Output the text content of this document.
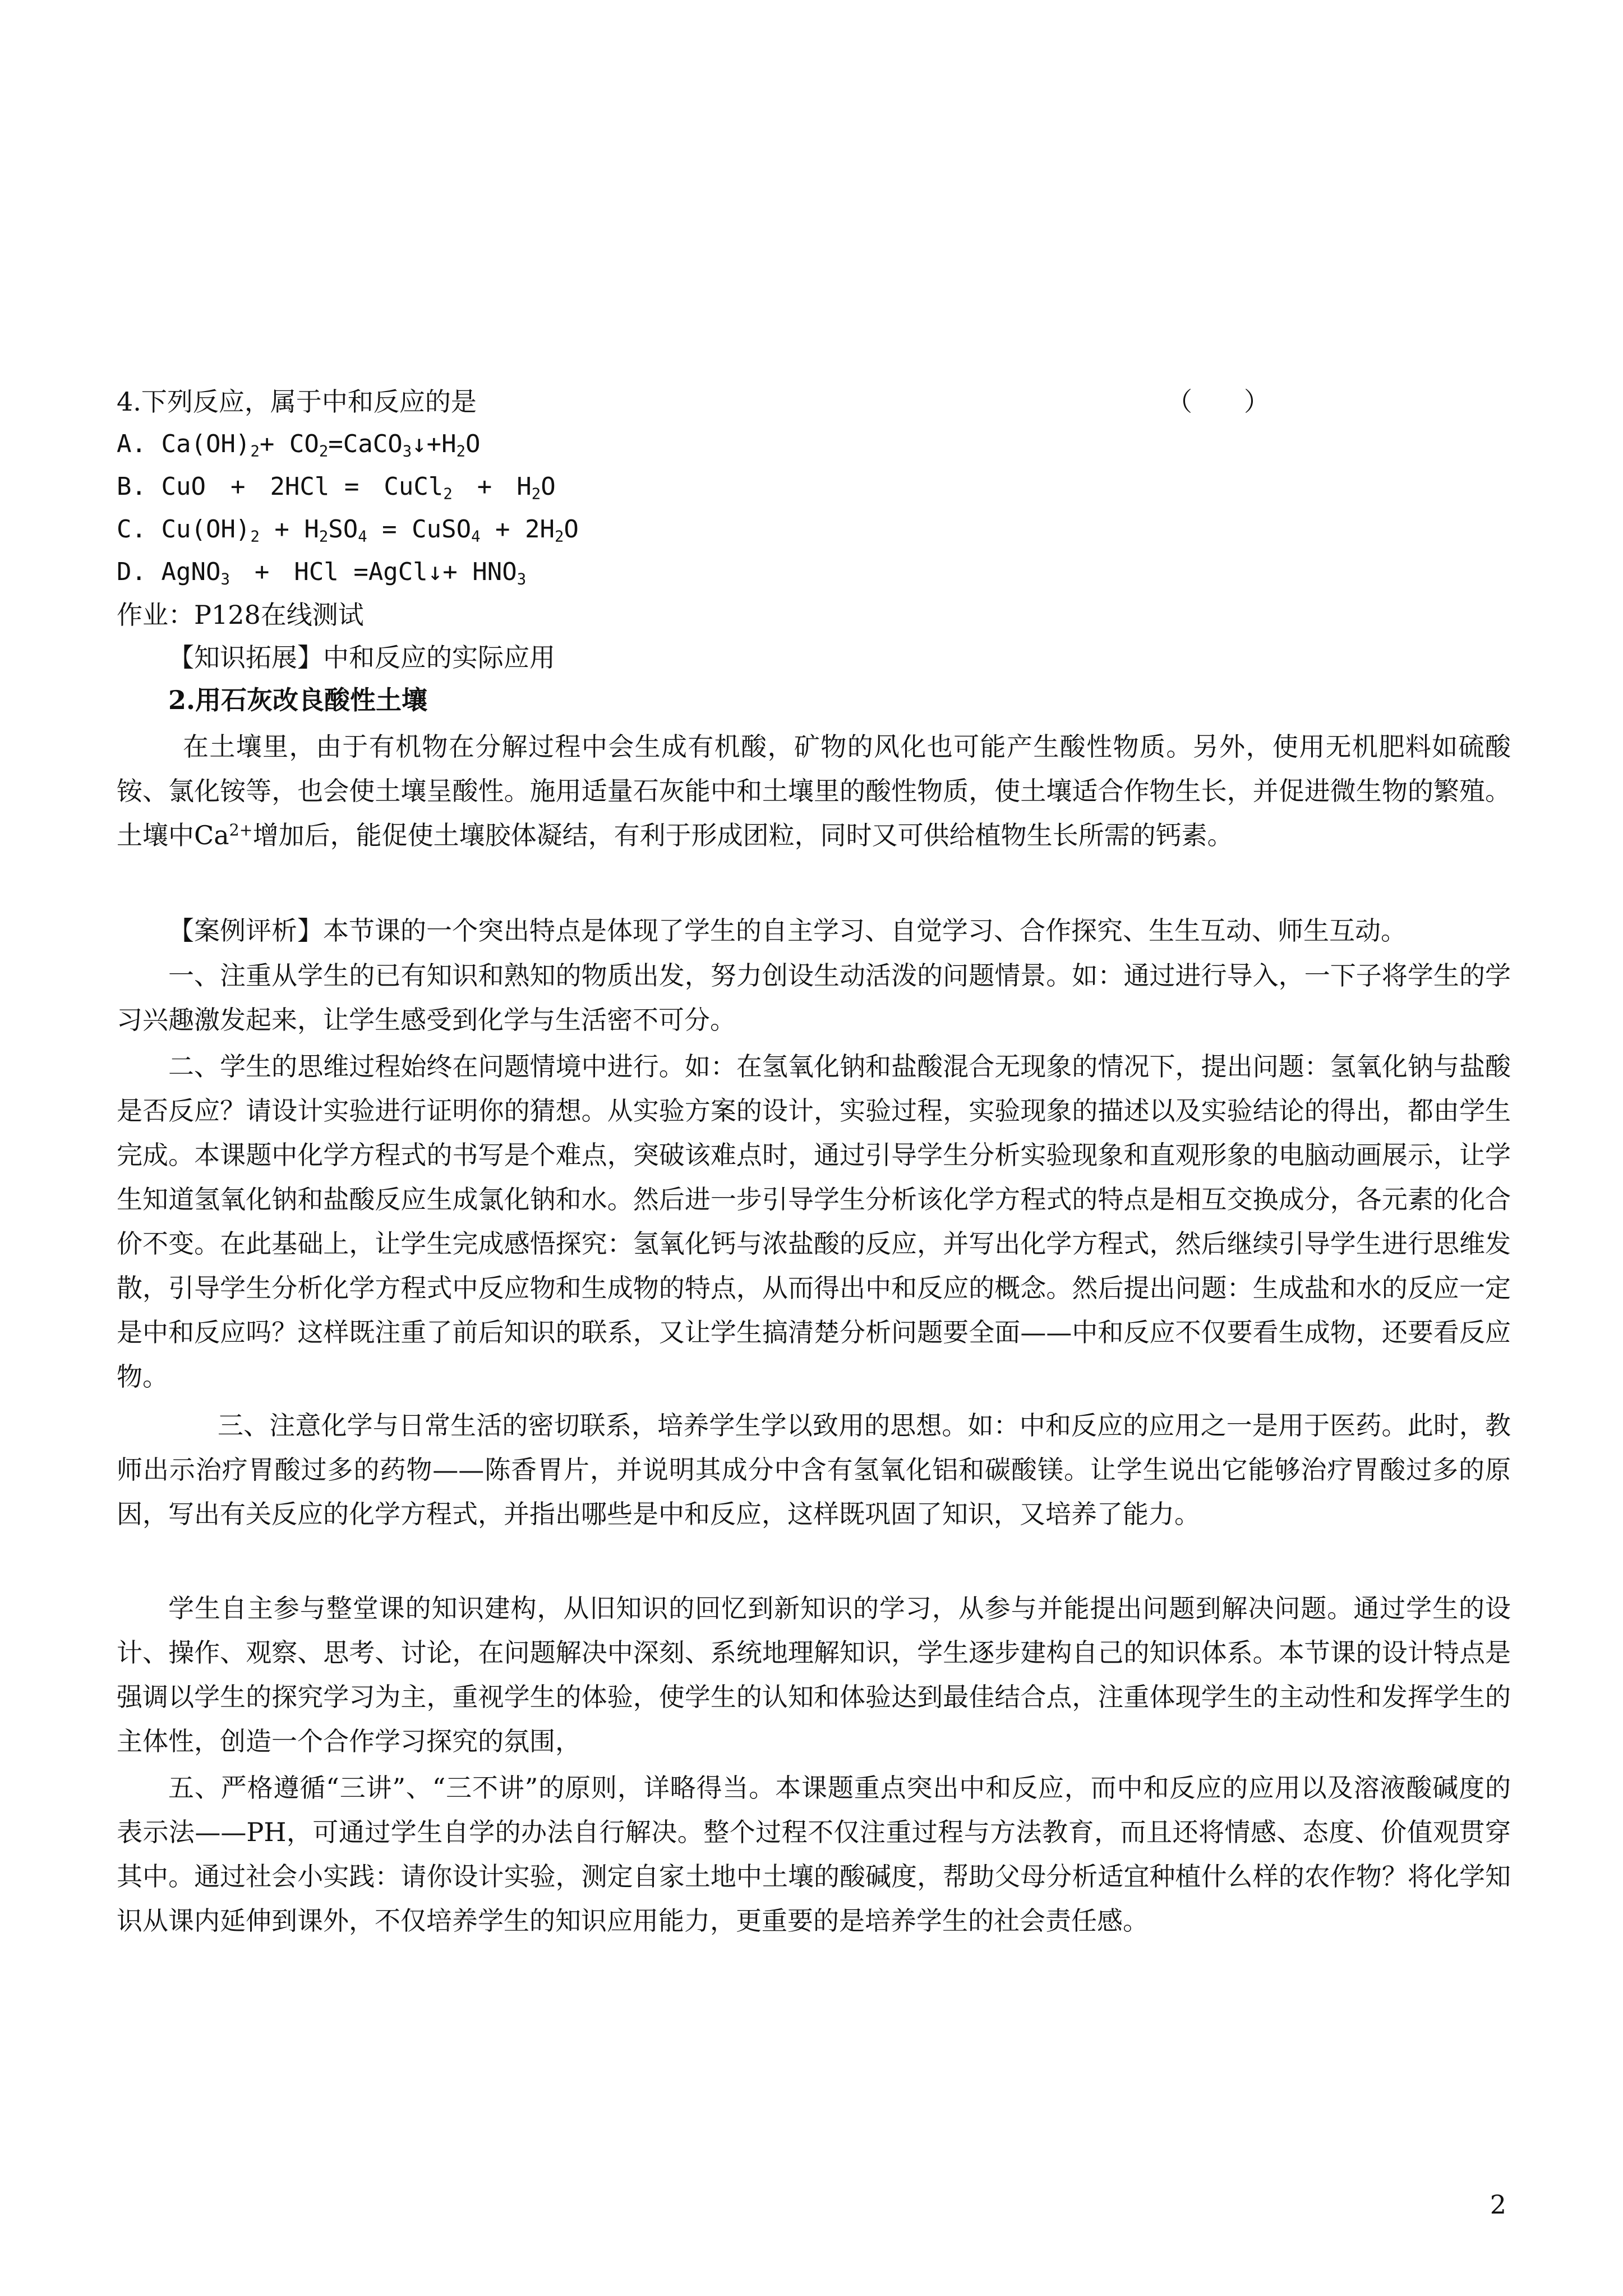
4.下列反应，属于中和反应的是	（　　）
A. $Ca(OH)_2+$ $CO_2=CaCO_3↓+H_2O$
B. CuO　+　2HCl =　CuCl$_2$　+　$H_2O$
C. $Cu(OH)_2 + H_2SO_4$ = CuSO$_4$ + $2H_2O$
D. AgNO$_3$　+　HCl =AgCl↓+ $HNO_3$
作业：P128在线测试
【知识拓展】中和反应的实际应用
2.用石灰改良酸性土壤
在土壤里，由于有机物在分解过程中会生成有机酸，矿物的风化也可能产生酸性物质。另外，使用无机肥料如硫酸铵、氯化铵等，也会使土壤呈酸性。施用适量石灰能中和土壤里的酸性物质，使土壤适合作物生长，并促进微生物的繁殖。土壤中$Ca^{2+}$增加后，能促使土壤胶体凝结，有利于形成团粒，同时又可供给植物生长所需的钙素。
【案例评析】本节课的一个突出特点是体现了学生的自主学习、自觉学习、合作探究、生生互动、师生互动。
一、注重从学生的已有知识和熟知的物质出发，努力创设生动活泼的问题情景。如：通过进行导入，一下子将学生的学习兴趣激发起来，让学生感受到化学与生活密不可分。
二、学生的思维过程始终在问题情境中进行。如：在氢氧化钠和盐酸混合无现象的情况下，提出问题：氢氧化钠与盐酸是否反应？请设计实验进行证明你的猜想。从实验方案的设计，实验过程，实验现象的描述以及实验结论的得出，都由学生完成。本课题中化学方程式的书写是个难点，突破该难点时，通过引导学生分析实验现象和直观形象的电脑动画展示，让学生知道氢氧化钠和盐酸反应生成氯化钠和水。然后进一步引导学生分析该化学方程式的特点是相互交换成分，各元素的化合价不变。在此基础上，让学生完成感悟探究：氢氧化钙与浓盐酸的反应，并写出化学方程式，然后继续引导学生进行思维发散，引导学生分析化学方程式中反应物和生成物的特点，从而得出中和反应的概念。然后提出问题：生成盐和水的反应一定是中和反应吗？这样既注重了前后知识的联系，又让学生搞清楚分析问题要全面——中和反应不仅要看生成物，还要看反应物。
三、注意化学与日常生活的密切联系，培养学生学以致用的思想。如：中和反应的应用之一是用于医药。此时，教师出示治疗胃酸过多的药物——陈香胃片，并说明其成分中含有氢氧化铝和碳酸镁。让学生说出它能够治疗胃酸过多的原因，写出有关反应的化学方程式，并指出哪些是中和反应，这样既巩固了知识，又培养了能力。
学生自主参与整堂课的知识建构，从旧知识的回忆到新知识的学习，从参与并能提出问题到解决问题。通过学生的设计、操作、观察、思考、讨论，在问题解决中深刻、系统地理解知识，学生逐步建构自己的知识体系。本节课的设计特点是强调以学生的探究学习为主，重视学生的体验，使学生的认知和体验达到最佳结合点，注重体现学生的主动性和发挥学生的主体性，创造一个合作学习探究的氛围，
五、严格遵循“三讲”、“三不讲”的原则，详略得当。本课题重点突出中和反应，而中和反应的应用以及溶液酸碱度的表示法——PH，可通过学生自学的办法自行解决。整个过程不仅注重过程与方法教育，而且还将情感、态度、价值观贯穿其中。通过社会小实践：请你设计实验，测定自家土地中土壤的酸碱度，帮助父母分析适宜种植什么样的农作物？将化学知识从课内延伸到课外，不仅培养学生的知识应用能力，更重要的是培养学生的社会责任感。
2
